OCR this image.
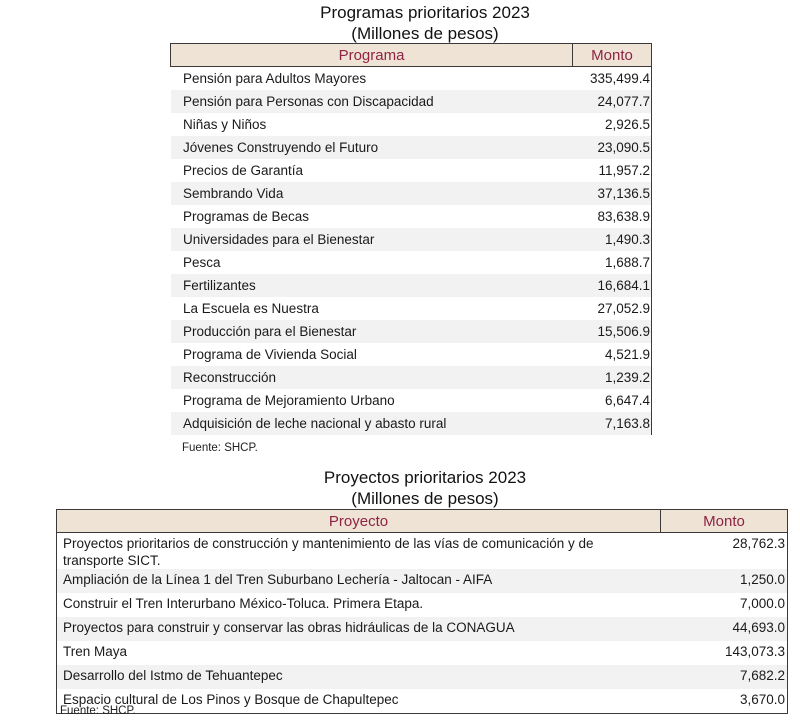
Programas prioritarios 2023
(Millones de pesos)
Programa	Monto
Pensión para Adultos Mayores	335,499.4
Pensión para Personas con Discapacidad	24,077.7
Niñas y Niños	2,926.5
Jóvenes Construyendo el Futuro	23,090.5
Precios de Garantía	11,957.2
Sembrando Vida	37,136.5
Programas de Becas	83,638.9
Universidades para el Bienestar	1,490.3
Pesca	1,688.7
Fertilizantes	16,684.1
La Escuela es Nuestra	27,052.9
Producción para el Bienestar	15,506.9
Programa de Vivienda Social	4,521.9
Reconstrucción	1,239.2
Programa de Mejoramiento Urbano	6,647.4
Adquisición de leche nacional y abasto rural	7,163.8
Fuente: SHCP.
Proyectos prioritarios 2023
(Millones de pesos)
Proyecto	Monto
Proyectos prioritarios de construcción y mantenimiento de las vías de comunicación y de transporte SICT.	28,762.3
Ampliación de la Línea 1 del Tren Suburbano Lechería - Jaltocan - AIFA	1,250.0
Construir el Tren Interurbano México-Toluca. Primera Etapa.	7,000.0
Proyectos para construir y conservar las obras hidráulicas de la CONAGUA	44,693.0
Tren Maya	143,073.3
Desarrollo del Istmo de Tehuantepec	7,682.2
Espacio cultural de Los Pinos y Bosque de Chapultepec	3,670.0
Fuente: SHCP.
